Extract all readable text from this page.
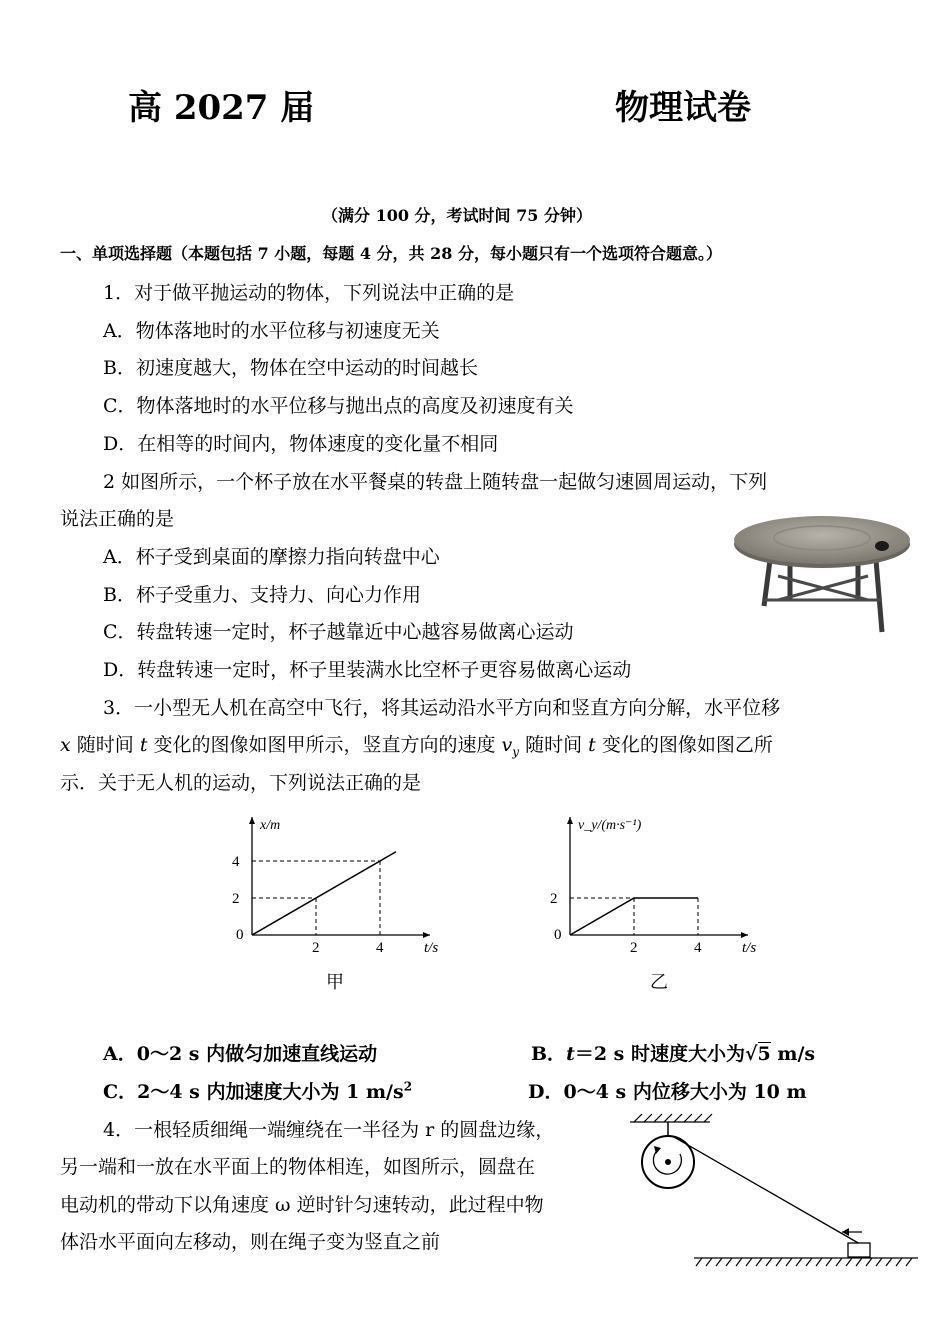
高 2027 届	物理试卷
（满分 100 分，考试时间 75 分钟）
一、单项选择题（本题包括 7 小题，每题 4 分，共 28 分，每小题只有一个选项符合题意。）
1．对于做平抛运动的物体，下列说法中正确的是
A．物体落地时的水平位移与初速度无关
B．初速度越大，物体在空中运动的时间越长
C．物体落地时的水平位移与抛出点的高度及初速度有关
D．在相等的时间内，物体速度的变化量不相同
2 如图所示，一个杯子放在水平餐桌的转盘上随转盘一起做匀速圆周运动，下列
说法正确的是
A．杯子受到桌面的摩擦力指向转盘中心
B．杯子受重力、支持力、向心力作用
C．转盘转速一定时，杯子越靠近中心越容易做离心运动
D．转盘转速一定时，杯子里装满水比空杯子更容易做离心运动
3．一小型无人机在高空中飞行，将其运动沿水平方向和竖直方向分解，水平位移
x 随时间 t 变化的图像如图甲所示，竖直方向的速度 $v_y$ 随时间 t 变化的图像如图乙所
示．关于无人机的运动，下列说法正确的是
0
2	4
2
4
t/s
x/m
0
2	4
2
t/s
v_y/(m·s⁻¹)
甲	乙
A．0～2 s 内做匀加速直线运动	B．t＝2 s 时速度大小为√5 m/s
C．2～4 s 内加速度大小为 1 $m/s^2$	D．0～4 s 内位移大小为 10 m
4．一根轻质细绳一端缠绕在一半径为 r 的圆盘边缘，
另一端和一放在水平面上的物体相连，如图所示，圆盘在
电动机的带动下以角速度 ω 逆时针匀速转动，此过程中物
体沿水平面向左移动，则在绳子变为竖直之前
